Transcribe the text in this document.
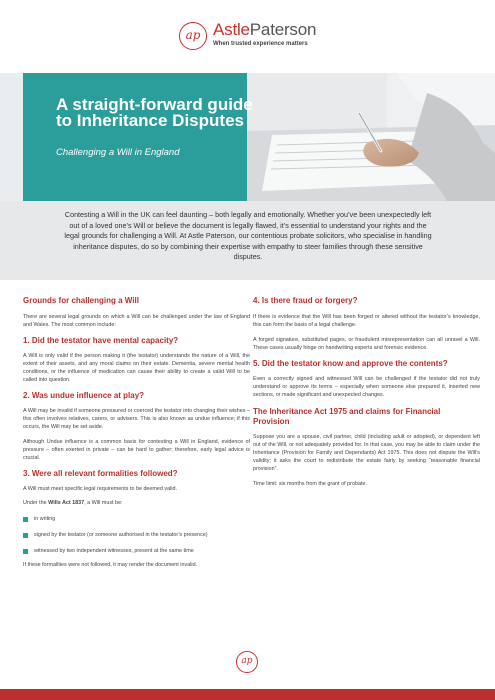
ap AstlePaterson
When trusted experience matters
A straight-forward guide to Inheritance Disputes
Challenging a Will in England

Contesting a Will in the UK can feel daunting – both legally and emotionally. Whether you’ve been unexpectedly left out of a loved one’s Will or believe the document is legally flawed, it’s essential to understand your rights and the legal grounds for challenging a Will. At Astle Paterson, our contentious probate solicitors, who specialise in handling inheritance disputes, do so by combining their expertise with empathy to steer families through these sensitive disputes.

Grounds for challenging a Will

There are several legal grounds on which a Will can be challenged under the law of England and Wales. The most common include:

1. Did the testator have mental capacity?

A Will is only valid if the person making it (the testator) understands the nature of a Will, the extent of their assets, and any moral claims on their estate. Dementia, severe mental health conditions, or the influence of medication can cause their ability to create a valid Will to be called into question.

2. Was undue influence at play?

A Will may be invalid if someone pressured or coerced the testator into changing their wishes – this often involves relatives, carers, or advisers. This is also known as undue influence; if this occurs, the Will may be set aside.

Although Undue influence is a common basis for contesting a Will in England, evidence of pressure – often exerted in private – can be hard to gather; therefore, early legal advice is crucial.

3. Were all relevant formalities followed?

A Will must meet specific legal requirements to be deemed valid.

Under the Wills Act 1837, a Will must be:

in writing
signed by the testator (or someone authorised in the testator’s presence)
witnessed by two independent witnesses, present at the same time

If these formalities were not followed, it may render the document invalid.

4. Is there fraud or forgery?

If there is evidence that the Will has been forged or altered without the testator’s knowledge, this can form the basis of a legal challenge.

A forged signature, substituted pages, or fraudulent misrepresentation can all unravel a Will. These cases usually hinge on handwriting experts and forensic evidence.

5. Did the testator know and approve the contents?

Even a correctly signed and witnessed Will can be challenged if the testator did not truly understand or approve its terms – especially when someone else prepared it, inserted new sections, or made significant and unexpected changes.

The Inheritance Act 1975 and claims for Financial Provision

Suppose you are a spouse, civil partner, child (including adult or adopted), or dependent left out of the Will, or not adequately provided for. In that case, you may be able to claim under the Inheritance (Provision for Family and Dependants) Act 1975. This does not dispute the Will’s validity; it asks the court to redistribute the estate fairly by seeking “reasonable financial provision”.

Time limit: six months from the grant of probate.

ap
